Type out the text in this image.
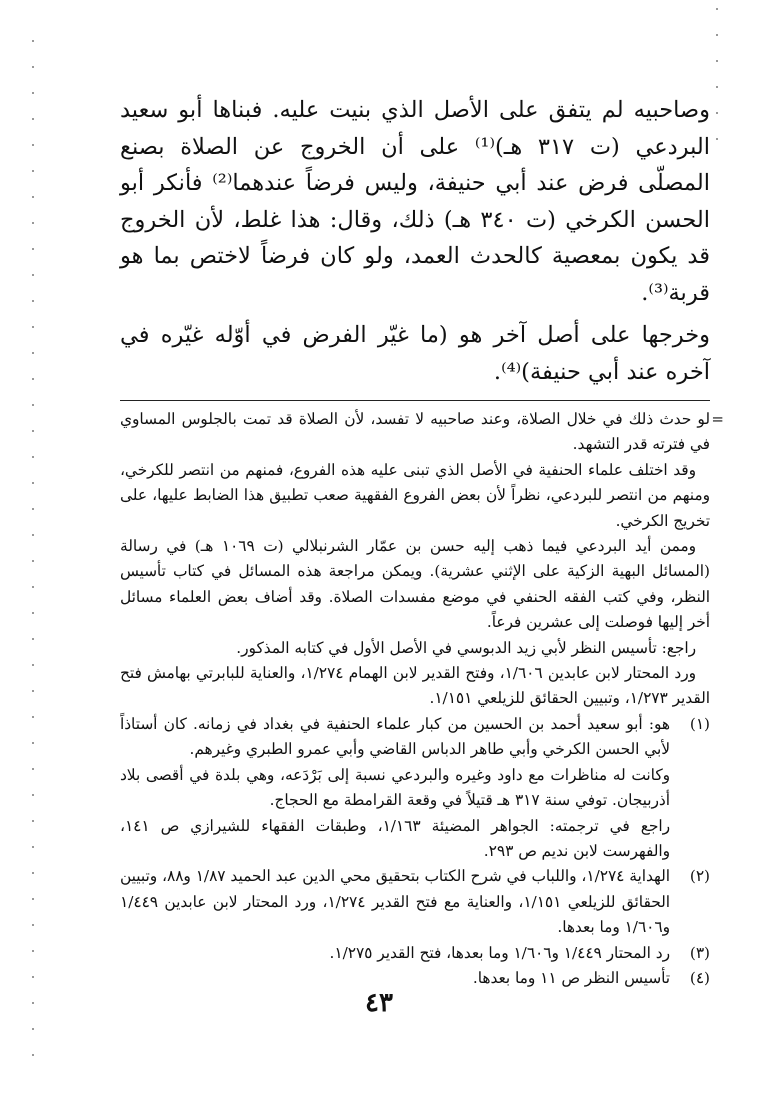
وصاحبيه لم يتفق على الأصل الذي بنيت عليه. فبناها أبو سعيد البردعي (ت ٣١٧ هـ)⁽¹⁾ على أن الخروج عن الصلاة بصنع المصلّى فرض عند أبي حنيفة، وليس فرضاً عندهما⁽²⁾ فأنكر أبو الحسن الكرخي (ت ٣٤٠ هـ) ذلك، وقال: هذا غلط، لأن الخروج قد يكون بمعصية كالحدث العمد، ولو كان فرضاً لاختص بما هو قربة⁽³⁾.

وخرجها على أصل آخر هو (ما غيّر الفرض في أوّله غيّره في آخره عند أبي حنيفة)⁽⁴⁾.

=

لو حدث ذلك في خلال الصلاة، وعند صاحبيه لا تفسد، لأن الصلاة قد تمت بالجلوس المساوي في فترته قدر التشهد.

وقد اختلف علماء الحنفية في الأصل الذي تبنى عليه هذه الفروع، فمنهم من انتصر للكرخي، ومنهم من انتصر للبردعي، نظراً لأن بعض الفروع الفقهية صعب تطبيق هذا الضابط عليها، على تخريج الكرخي.

وممن أيد البردعي فيما ذهب إليه حسن بن عمّار الشرنبلالي (ت ١٠٦٩ هـ) في رسالة (المسائل البهية الزكية على الإثني عشرية). ويمكن مراجعة هذه المسائل في كتاب تأسيس النظر، وفي كتب الفقه الحنفي في موضع مفسدات الصلاة. وقد أضاف بعض العلماء مسائل أخر إليها فوصلت إلى عشرين فرعاً.

راجع: تأسيس النظر لأبي زيد الدبوسي في الأصل الأول في كتابه المذكور.

ورد المحتار لابن عابدين ١/٦٠٦، وفتح القدير لابن الهمام ١/٢٧٤، والعناية للبابرتي بهامش فتح القدير ١/٢٧٣، وتبيين الحقائق للزيلعي ١/١٥١.

(١)

هو: أبو سعيد أحمد بن الحسين من كبار علماء الحنفية في بغداد في زمانه. كان أستاذاً لأبي الحسن الكرخي وأبي طاهر الدباس القاضي وأبي عمرو الطبري وغيرهم.

وكانت له مناظرات مع داود وغيره والبردعي نسبة إلى بَرْدَعه، وهي بلدة في أقصى بلاد أذربيجان. توفي سنة ٣١٧ هـ قتيلاً في وقعة القرامطة مع الحجاج.

راجع في ترجمته: الجواهر المضيئة ١/١٦٣، وطبقات الفقهاء للشيرازي ص ١٤١، والفهرست لابن نديم ص ٢٩٣.

(٢)

الهداية ١/٢٧٤، واللباب في شرح الكتاب بتحقيق محي الدين عبد الحميد ١/٨٧ و٨٨، وتبيين الحقائق للزيلعي ١/١٥١، والعناية مع فتح القدير ١/٢٧٤، ورد المحتار لابن عابدين ١/٤٤٩ و١/٦٠٦ وما بعدها.

(٣)

رد المحتار ١/٤٤٩ و١/٦٠٦ وما بعدها، فتح القدير ١/٢٧٥.

(٤)

تأسيس النظر ص ١١ وما بعدها.

٤٣
